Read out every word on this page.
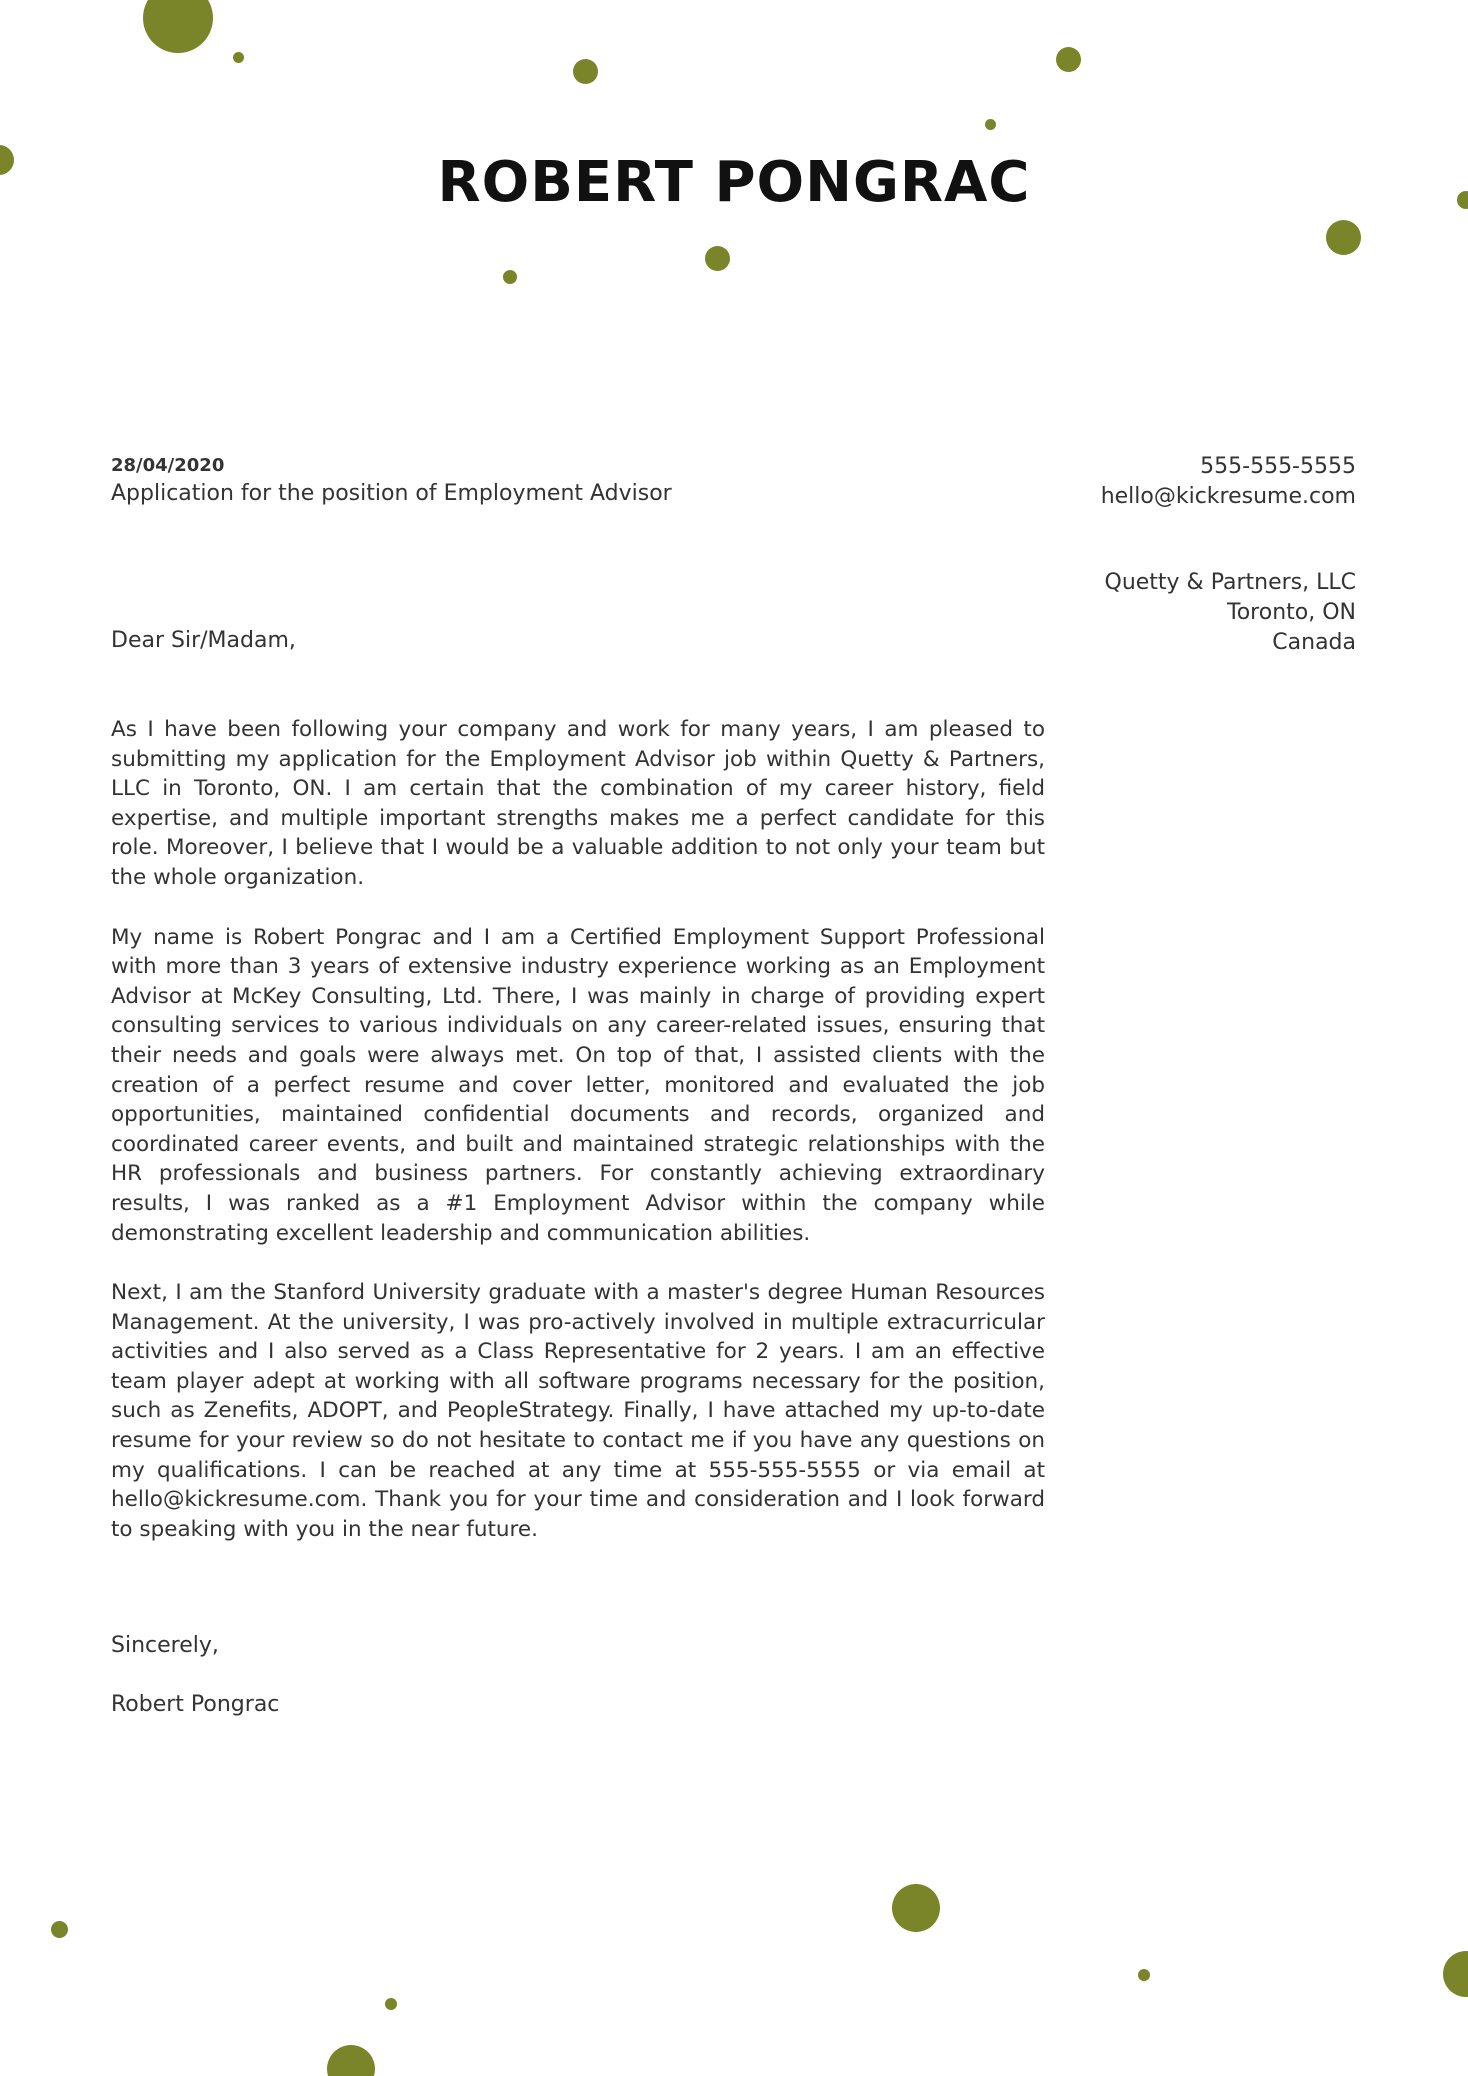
ROBERT PONGRAC
28/04/2020
Application for the position of Employment Advisor
555-555-5555
hello@kickresume.com
Quetty & Partners, LLC
Toronto, ON
Canada
Dear Sir/Madam,

As I have been following your company and work for many years, I am pleased to submitting my application for the Employment Advisor job within Quetty & Partners, LLC in Toronto, ON. I am certain that the combination of my career history, field expertise, and multiple important strengths makes me a perfect candidate for this role. Moreover, I believe that I would be a valuable addition to not only your team but the whole organization.

My name is Robert Pongrac and I am a Certified Employment Support Professional with more than 3 years of extensive industry experience working as an Employment Advisor at McKey Consulting, Ltd. There, I was mainly in charge of providing expert consulting services to various individuals on any career-related issues, ensuring that their needs and goals were always met. On top of that, I assisted clients with the creation of a perfect resume and cover letter, monitored and evaluated the job opportunities, maintained confidential documents and records, organized and coordinated career events, and built and maintained strategic relationships with the HR professionals and business partners. For constantly achieving extraordinary results, I was ranked as a #1 Employment Advisor within the company while demonstrating excellent leadership and communication abilities.

Next, I am the Stanford University graduate with a master's degree Human Resources Management. At the university, I was pro-actively involved in multiple extracurricular activities and I also served as a Class Representative for 2 years. I am an effective team player adept at working with all software programs necessary for the position, such as Zenefits, ADOPT, and PeopleStrategy. Finally, I have attached my up-to-date resume for your review so do not hesitate to contact me if you have any questions on my qualifications. I can be reached at any time at 555-555-5555 or via email at hello@kickresume.com. Thank you for your time and consideration and I look forward to speaking with you in the near future.

Sincerely,
Robert Pongrac
